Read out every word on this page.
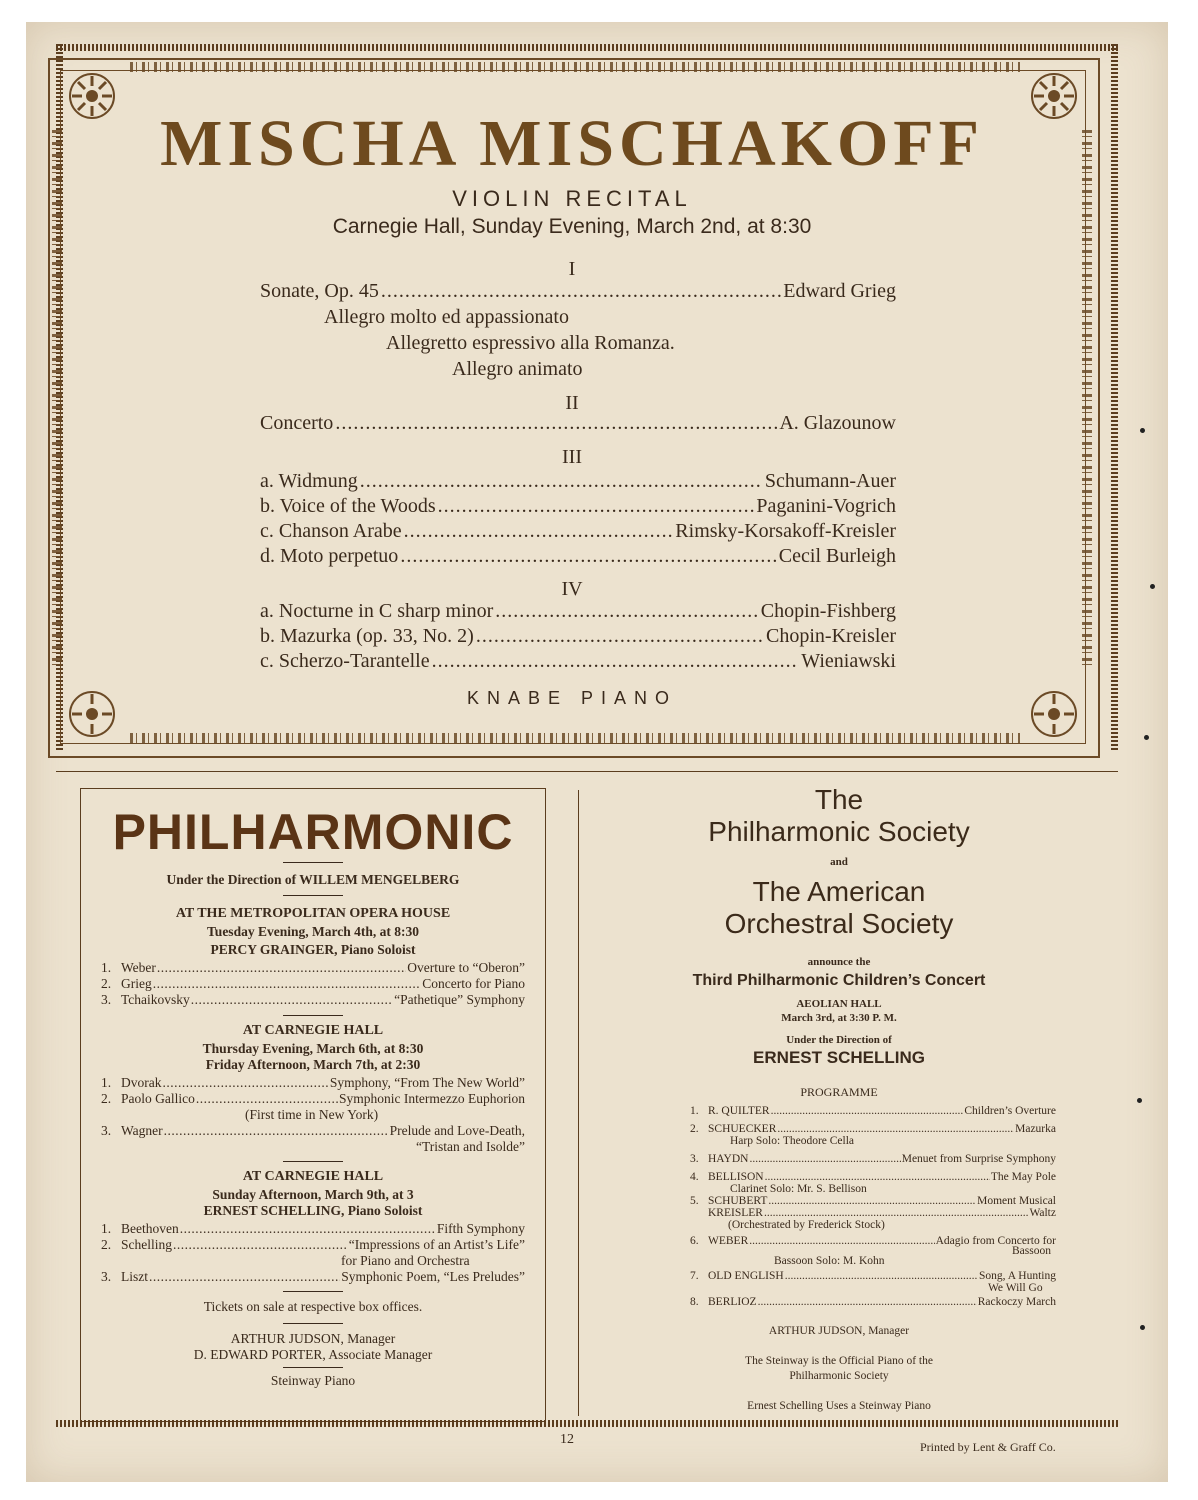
MISCHA MISCHAKOFF
VIOLIN RECITAL
Carnegie Hall, Sunday Evening, March 2nd, at 8:30
I
Sonate, Op. 45 . . .	Edward Grieg
Allegro molto ed appassionato
Allegretto espressivo alla Romanza.
Allegro animato
II
Concerto . . .	A. Glazounow
III
a. Widmung . . .	Schumann-Auer
b. Voice of the Woods . . .	Paganini-Vogrich
c. Chanson Arabe . . .	Rimsky-Korsakoff-Kreisler
d. Moto perpetuo . . .	Cecil Burleigh
IV
a. Nocturne in C sharp minor . . .	Chopin-Fishberg
b. Mazurka (op. 33, No. 2) . . .	Chopin-Kreisler
c. Scherzo-Tarantelle . . .	Wieniawski
KNABE PIANO
PHILHARMONIC
Under the Direction of WILLEM MENGELBERG
AT THE METROPOLITAN OPERA HOUSE
Tuesday Evening, March 4th, at 8:30
PERCY GRAINGER, Piano Soloist
1. Weber .....	Overture to “Oberon”
2. Grieg .....	Concerto for Piano
3. Tchaikovsky .....	“Pathetique” Symphony
AT CARNEGIE HALL
Thursday Evening, March 6th, at 8:30
Friday Afternoon, March 7th, at 2:30
1. Dvorak .....	Symphony, “From The New World”
2. Paolo Gallico .....	Symphonic Intermezzo Euphorion
(First time in New York)
3. Wagner .....	Prelude and Love-Death,
“Tristan and Isolde”
AT CARNEGIE HALL
Sunday Afternoon, March 9th, at 3
ERNEST SCHELLING, Piano Soloist
1. Beethoven .....	Fifth Symphony
2. Schelling .....	“Impressions of an Artist’s Life”
for Piano and Orchestra
3. Liszt .....	Symphonic Poem, “Les Preludes”
Tickets on sale at respective box offices.
ARTHUR JUDSON, Manager
D. EDWARD PORTER, Associate Manager
Steinway Piano
The
Philharmonic Society
and
The American
Orchestral Society
announce the
Third Philharmonic Children’s Concert
AEOLIAN HALL
March 3rd, at 3:30 P. M.
Under the Direction of
ERNEST SCHELLING
PROGRAMME
1. R. QUILTER .....	Children’s Overture
2. SCHUECKER .....	Mazurka
Harp Solo: Theodore Cella
3. HAYDN .....	Menuet from Surprise Symphony
4. BELLISON .....	The May Pole
Clarinet Solo: Mr. S. Bellison
5. SCHUBERT .....	Moment Musical
KREISLER .....	Waltz
(Orchestrated by Frederick Stock)
6. WEBER .....	Adagio from Concerto for
Bassoon
Bassoon Solo: M. Kohn
7. OLD ENGLISH .....	Song, A Hunting
We Will Go
8. BERLIOZ .....	Rackoczy March
ARTHUR JUDSON, Manager
The Steinway is the Official Piano of the
Philharmonic Society
Ernest Schelling Uses a Steinway Piano
12	Printed by Lent & Graff Co.
